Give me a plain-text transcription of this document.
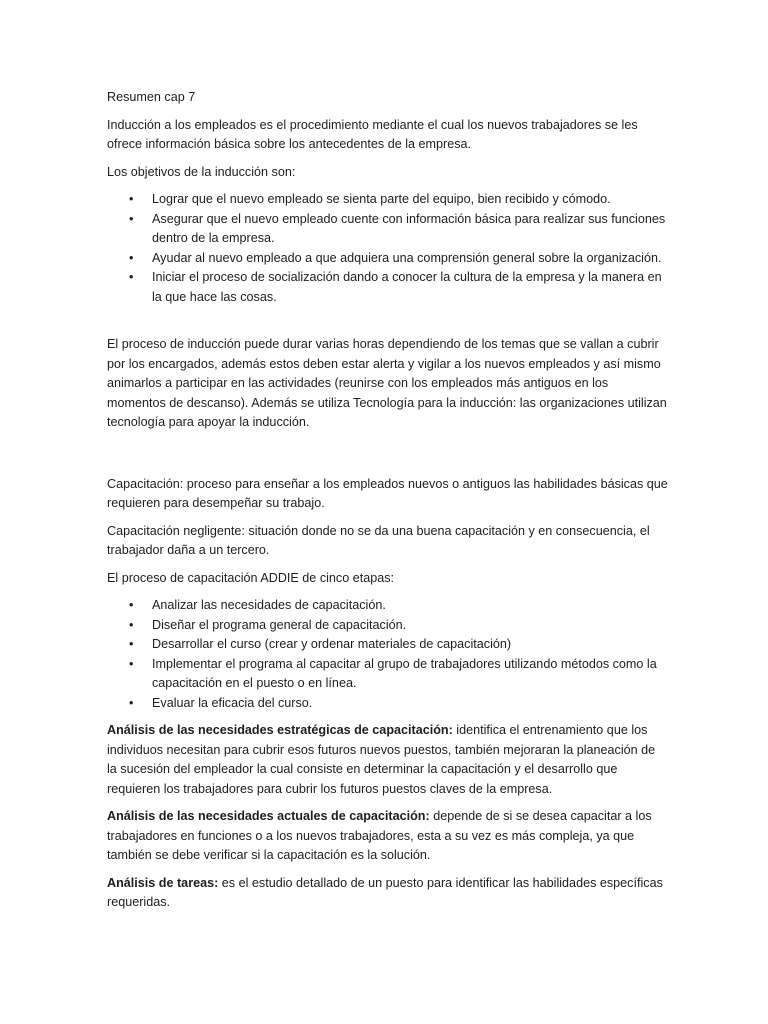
Resumen cap 7

Inducción a los empleados es el procedimiento mediante el cual los nuevos trabajadores se les ofrece información básica sobre los antecedentes de la empresa.

Los objetivos de la inducción son:

• Lograr que el nuevo empleado se sienta parte del equipo, bien recibido y cómodo.
• Asegurar que el nuevo empleado cuente con información básica para realizar sus funciones dentro de la empresa.
• Ayudar al nuevo empleado a que adquiera una comprensión general sobre la organización.
• Iniciar el proceso de socialización dando a conocer la cultura de la empresa y la manera en la que hace las cosas.

El proceso de inducción puede durar varias horas dependiendo de los temas que se vallan a cubrir por los encargados, además estos deben estar alerta y vigilar a los nuevos empleados y así mismo animarlos a participar en las actividades (reunirse con los empleados más antiguos en los momentos de descanso). Además se utiliza Tecnología para la inducción: las organizaciones utilizan tecnología para apoyar la inducción.

Capacitación: proceso para enseñar a los empleados nuevos o antiguos las habilidades básicas que requieren para desempeñar su trabajo.

Capacitación negligente: situación donde no se da una buena capacitación y en consecuencia, el trabajador daña a un tercero.

El proceso de capacitación ADDIE de cinco etapas:

• Analizar las necesidades de capacitación.
• Diseñar el programa general de capacitación.
• Desarrollar el curso (crear y ordenar materiales de capacitación)
• Implementar el programa al capacitar al grupo de trabajadores utilizando métodos como la capacitación en el puesto o en línea.
• Evaluar la eficacia del curso.

Análisis de las necesidades estratégicas de capacitación: identifica el entrenamiento que los individuos necesitan para cubrir esos futuros nuevos puestos, también mejoraran la planeación de la sucesión del empleador la cual consiste en determinar la capacitación y el desarrollo que requieren los trabajadores para cubrir los futuros puestos claves de la empresa.

Análisis de las necesidades actuales de capacitación: depende de si se desea capacitar a los trabajadores en funciones o a los nuevos trabajadores, esta a su vez es más compleja, ya que también se debe verificar si la capacitación es la solución.

Análisis de tareas: es el estudio detallado de un puesto para identificar las habilidades específicas requeridas.
